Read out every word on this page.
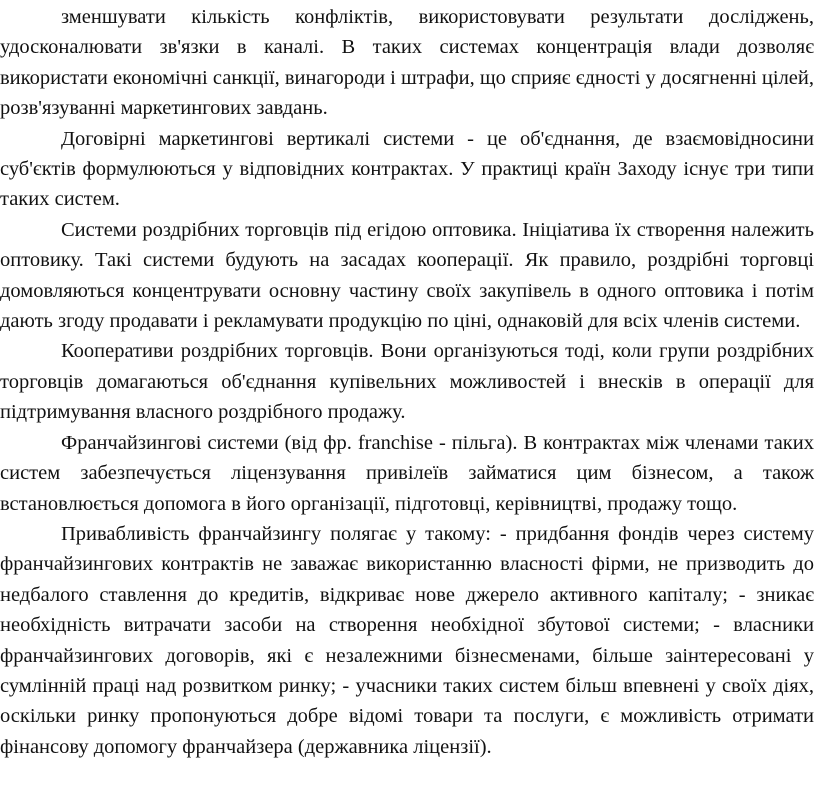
зменшувати кількість конфліктів, використовувати результати досліджень, удосконалювати зв'язки в каналі. В таких системах концентрація влади дозволяє використати економічні санкції, винагороди і штрафи, що сприяє єдності у досягненні цілей, розв'язуванні маркетингових завдань.

Договірні маркетингові вертикалі системи - це об'єднання, де взаємовідносини суб'єктів формулюються у відповідних контрактах. У практиці країн Заходу існує три типи таких систем.

Системи роздрібних торговців під егідою оптовика. Ініціатива їх створення належить оптовику. Такі системи будують на засадах кооперації. Як правило, роздрібні торговці домовляються концентрувати основну частину своїх закупівель в одного оптовика і потім дають згоду продавати і рекламувати продукцію по ціні, однаковій для всіх членів системи.

Кооперативи роздрібних торговців. Вони організуються тоді, коли групи роздрібних торговців домагаються об'єднання купівельних можливостей і внесків в операції для підтримування власного роздрібного продажу.

Франчайзингові системи (від фр. franchise - пільга). В контрактах між членами таких систем забезпечується ліцензування привілеїв займатися цим бізнесом, а також встановлюється допомога в його організації, підготовці, керівництві, продажу тощо.

Привабливість франчайзингу полягає у такому: - придбання фондів через систему франчайзингових контрактів не заважає використанню власності фірми, не призводить до недбалого ставлення до кредитів, відкриває нове джерело активного капіталу; - зникає необхідність витрачати засоби на створення необхідної збутової системи; - власники франчайзингових договорів, які є незалежними бізнесменами, більше заінтересовані у сумлінній праці над розвитком ринку; - учасники таких систем більш впевнені у своїх діях, оскільки ринку пропонуються добре відомі товари та послуги, є можливість отримати фінансову допомогу франчайзера (державника ліцензії).
